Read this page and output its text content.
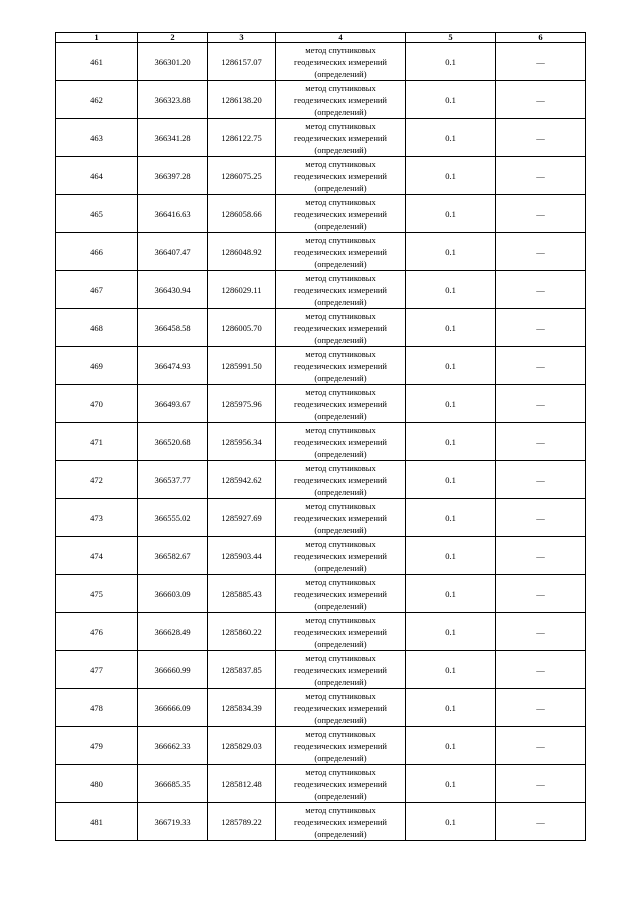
1	2	3	4	5	6
461	366301.20	1286157.07	метод спутниковых
геодезических измерений
(определений)	0.1	—
462	366323.88	1286138.20	метод спутниковых
геодезических измерений
(определений)	0.1	—
463	366341.28	1286122.75	метод спутниковых
геодезических измерений
(определений)	0.1	—
464	366397.28	1286075.25	метод спутниковых
геодезических измерений
(определений)	0.1	—
465	366416.63	1286058.66	метод спутниковых
геодезических измерений
(определений)	0.1	—
466	366407.47	1286048.92	метод спутниковых
геодезических измерений
(определений)	0.1	—
467	366430.94	1286029.11	метод спутниковых
геодезических измерений
(определений)	0.1	—
468	366458.58	1286005.70	метод спутниковых
геодезических измерений
(определений)	0.1	—
469	366474.93	1285991.50	метод спутниковых
геодезических измерений
(определений)	0.1	—
470	366493.67	1285975.96	метод спутниковых
геодезических измерений
(определений)	0.1	—
471	366520.68	1285956.34	метод спутниковых
геодезических измерений
(определений)	0.1	—
472	366537.77	1285942.62	метод спутниковых
геодезических измерений
(определений)	0.1	—
473	366555.02	1285927.69	метод спутниковых
геодезических измерений
(определений)	0.1	—
474	366582.67	1285903.44	метод спутниковых
геодезических измерений
(определений)	0.1	—
475	366603.09	1285885.43	метод спутниковых
геодезических измерений
(определений)	0.1	—
476	366628.49	1285860.22	метод спутниковых
геодезических измерений
(определений)	0.1	—
477	366660.99	1285837.85	метод спутниковых
геодезических измерений
(определений)	0.1	—
478	366666.09	1285834.39	метод спутниковых
геодезических измерений
(определений)	0.1	—
479	366662.33	1285829.03	метод спутниковых
геодезических измерений
(определений)	0.1	—
480	366685.35	1285812.48	метод спутниковых
геодезических измерений
(определений)	0.1	—
481	366719.33	1285789.22	метод спутниковых
геодезических измерений
(определений)	0.1	—
